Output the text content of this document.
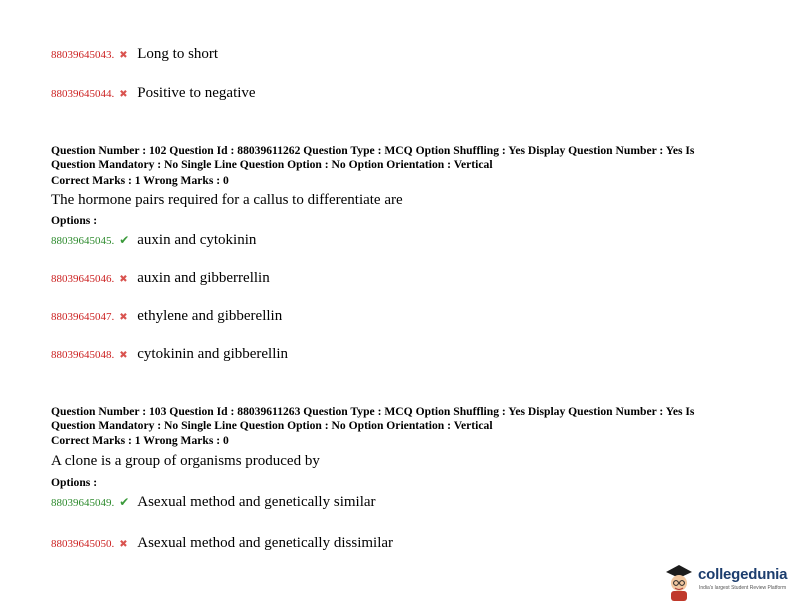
88039645043. ✖ Long to short
88039645044. ✖ Positive to negative
Question Number : 102 Question Id : 88039611262 Question Type : MCQ Option Shuffling : Yes Display Question Number : Yes Is
Question Mandatory : No Single Line Question Option : No Option Orientation : Vertical
Correct Marks : 1 Wrong Marks : 0
The hormone pairs required for a callus to differentiate are
Options :
88039645045. ✔ auxin and cytokinin
88039645046. ✖ auxin and gibberrellin
88039645047. ✖ ethylene and gibberellin
88039645048. ✖ cytokinin and gibberellin
Question Number : 103 Question Id : 88039611263 Question Type : MCQ Option Shuffling : Yes Display Question Number : Yes Is
Question Mandatory : No Single Line Question Option : No Option Orientation : Vertical
Correct Marks : 1 Wrong Marks : 0
A clone is a group of organisms produced by
Options :
88039645049. ✔ Asexual method and genetically similar
88039645050. ✖ Asexual method and genetically dissimilar
collegedunia
India's largest Student Review Platform
